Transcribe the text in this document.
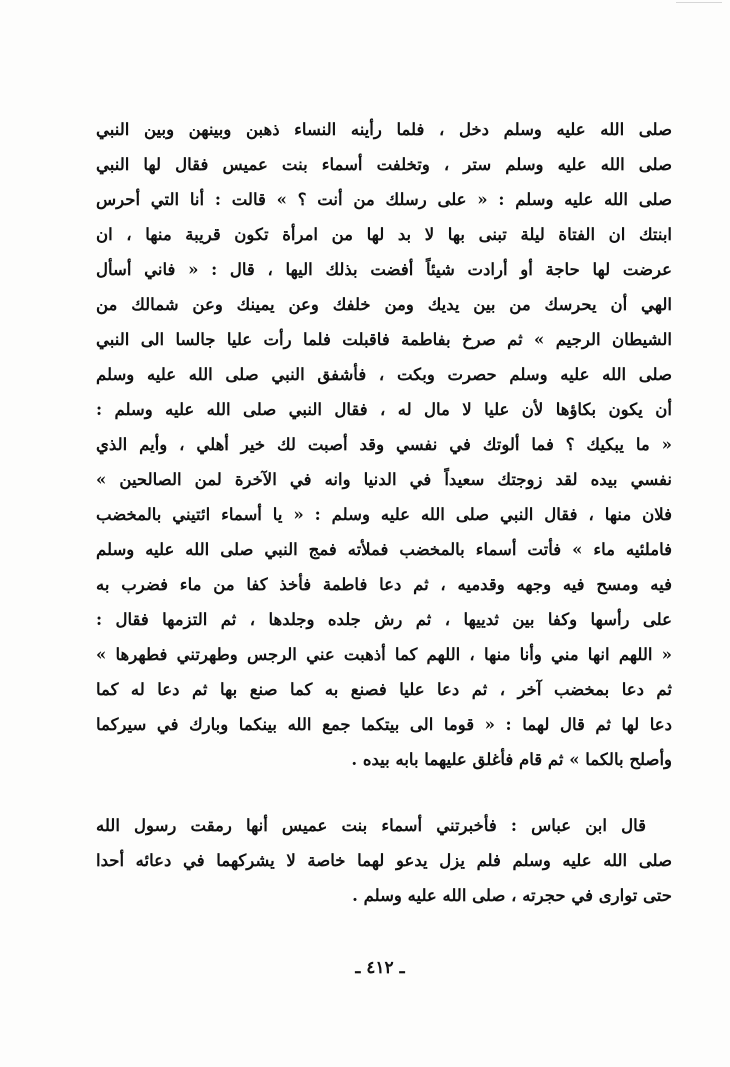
صلى الله عليه وسلم دخل ، فلما رأينه النساء ذهبن وبينهن وبين النبي
صلى الله عليه وسلم ستر ، وتخلفت أسماء بنت عميس فقال لها النبي
صلى الله عليه وسلم : « على رسلك من أنت ؟ » قالت : أنا التي أحرس
ابنتك ان الفتاة ليلة تبنى بها لا بد لها من امرأة تكون قريبة منها ، ان
عرضت لها حاجة أو أرادت شيئاً أفضت بذلك اليها ، قال : « فاني أسأل
الهي أن يحرسك من بين يديك ومن خلفك وعن يمينك وعن شمالك من
الشيطان الرجيم » ثم صرخ بفاطمة فاقبلت فلما رأت عليا جالسا الى النبي
صلى الله عليه وسلم حصرت وبكت ، فأشفق النبي صلى الله عليه وسلم
أن يكون بكاؤها لأن عليا لا مال له ، فقال النبي صلى الله عليه وسلم :
« ما يبكيك ؟ فما ألوتك في نفسي وقد أصبت لك خير أهلي ، وأيم الذي
نفسي بيده لقد زوجتك سعيداً في الدنيا وانه في الآخرة لمن الصالحين »
فلان منها ، فقال النبي صلى الله عليه وسلم : « يا أسماء ائتيني بالمخضب
فاملئيه ماء » فأتت أسماء بالمخضب فملأته فمج النبي صلى الله عليه وسلم
فيه ومسح فيه وجهه وقدميه ، ثم دعا فاطمة فأخذ كفا من ماء فضرب به
على رأسها وكفا بين ثدييها ، ثم رش جلده وجلدها ، ثم التزمها فقال :
« اللهم انها مني وأنا منها ، اللهم كما أذهبت عني الرجس وطهرتني فطهرها »
ثم دعا بمخضب آخر ، ثم دعا عليا فصنع به كما صنع بها ثم دعا له كما
دعا لها ثم قال لهما : « قوما الى بيتكما جمع الله بينكما وبارك في سيركما
وأصلح بالكما » ثم قام فأغلق عليهما بابه بيده .
قال ابن عباس : فأخبرتني أسماء بنت عميس أنها رمقت رسول الله
صلى الله عليه وسلم فلم يزل يدعو لهما خاصة لا يشركهما في دعائه أحدا
حتى توارى في حجرته ، صلى الله عليه وسلم .
ـ ٤١٢ ـ
